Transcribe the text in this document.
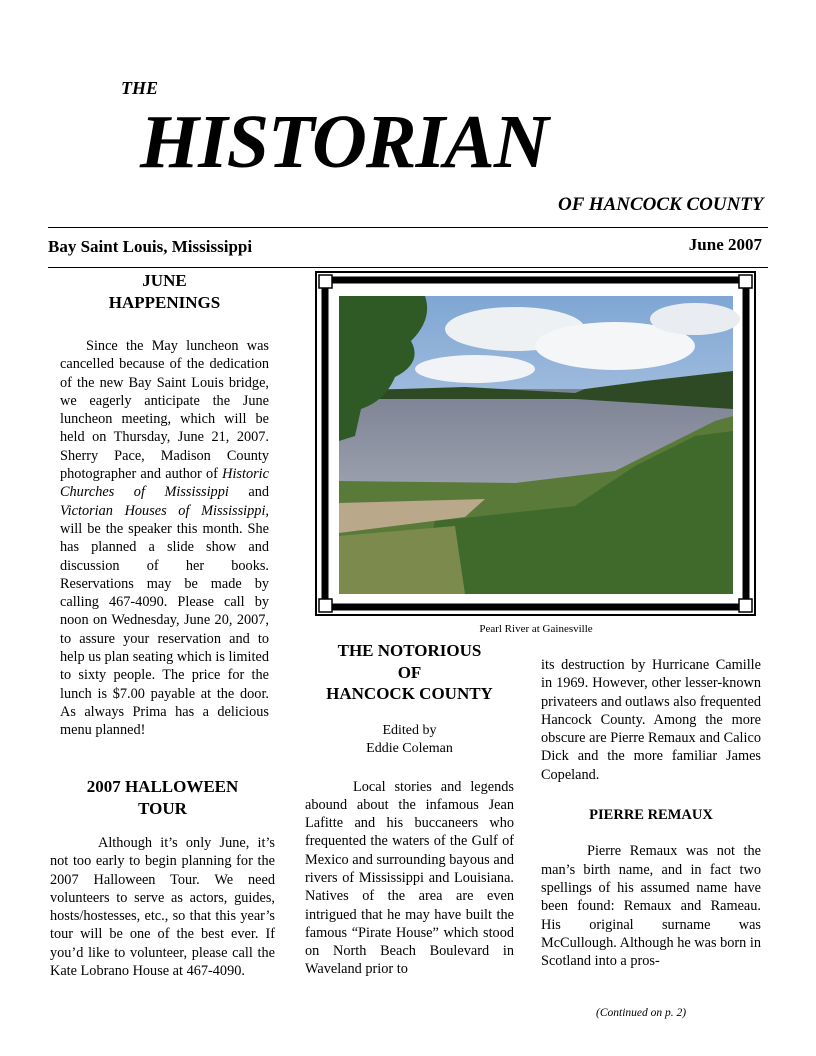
THE
HISTORIAN
OF HANCOCK COUNTY
Bay Saint Louis, Mississippi	June 2007
JUNE
HAPPENINGS

Since the May luncheon was cancelled because of the dedication of the new Bay Saint Louis bridge, we eagerly anticipate the June luncheon meeting, which will be held on Thursday, June 21, 2007. Sherry Pace, Madison County photographer and author of Historic Churches of Mississippi and Victorian Houses of Mississippi, will be the speaker this month. She has planned a slide show and discussion of her books. Reservations may be made by calling 467-4090. Please call by noon on Wednesday, June 20, 2007, to assure your reservation and to help us plan seating which is limited to sixty people. The price for the lunch is $7.00 payable at the door. As always Prima has a delicious menu planned!

2007 HALLOWEEN
TOUR

Although it’s only June, it’s not too early to begin planning for the 2007 Halloween Tour. We need volunteers to serve as actors, guides, hosts/hostesses, etc., so that this year’s tour will be one of the best ever. If you’d like to volunteer, please call the Kate Lobrano House at 467-4090.

Pearl River at Gainesville
THE NOTORIOUS
OF
HANCOCK COUNTY
Edited by
Eddie Coleman

Local stories and legends abound about the infamous Jean Lafitte and his buccaneers who frequented the waters of the Gulf of Mexico and surrounding bayous and rivers of Mississippi and Louisiana. Natives of the area are even intrigued that he may have built the famous “Pirate House” which stood on North Beach Boulevard in Waveland prior to

its destruction by Hurricane Camille in 1969. However, other lesser-known privateers and outlaws also frequented Hancock County. Among the more obscure are Pierre Remaux and Calico Dick and the more familiar James Copeland.

PIERRE REMAUX

Pierre Remaux was not the man’s birth name, and in fact two spellings of his assumed name have been found: Remaux and Rameau. His original surname was McCullough. Although he was born in Scotland into a pros-

(Continued on p. 2)
